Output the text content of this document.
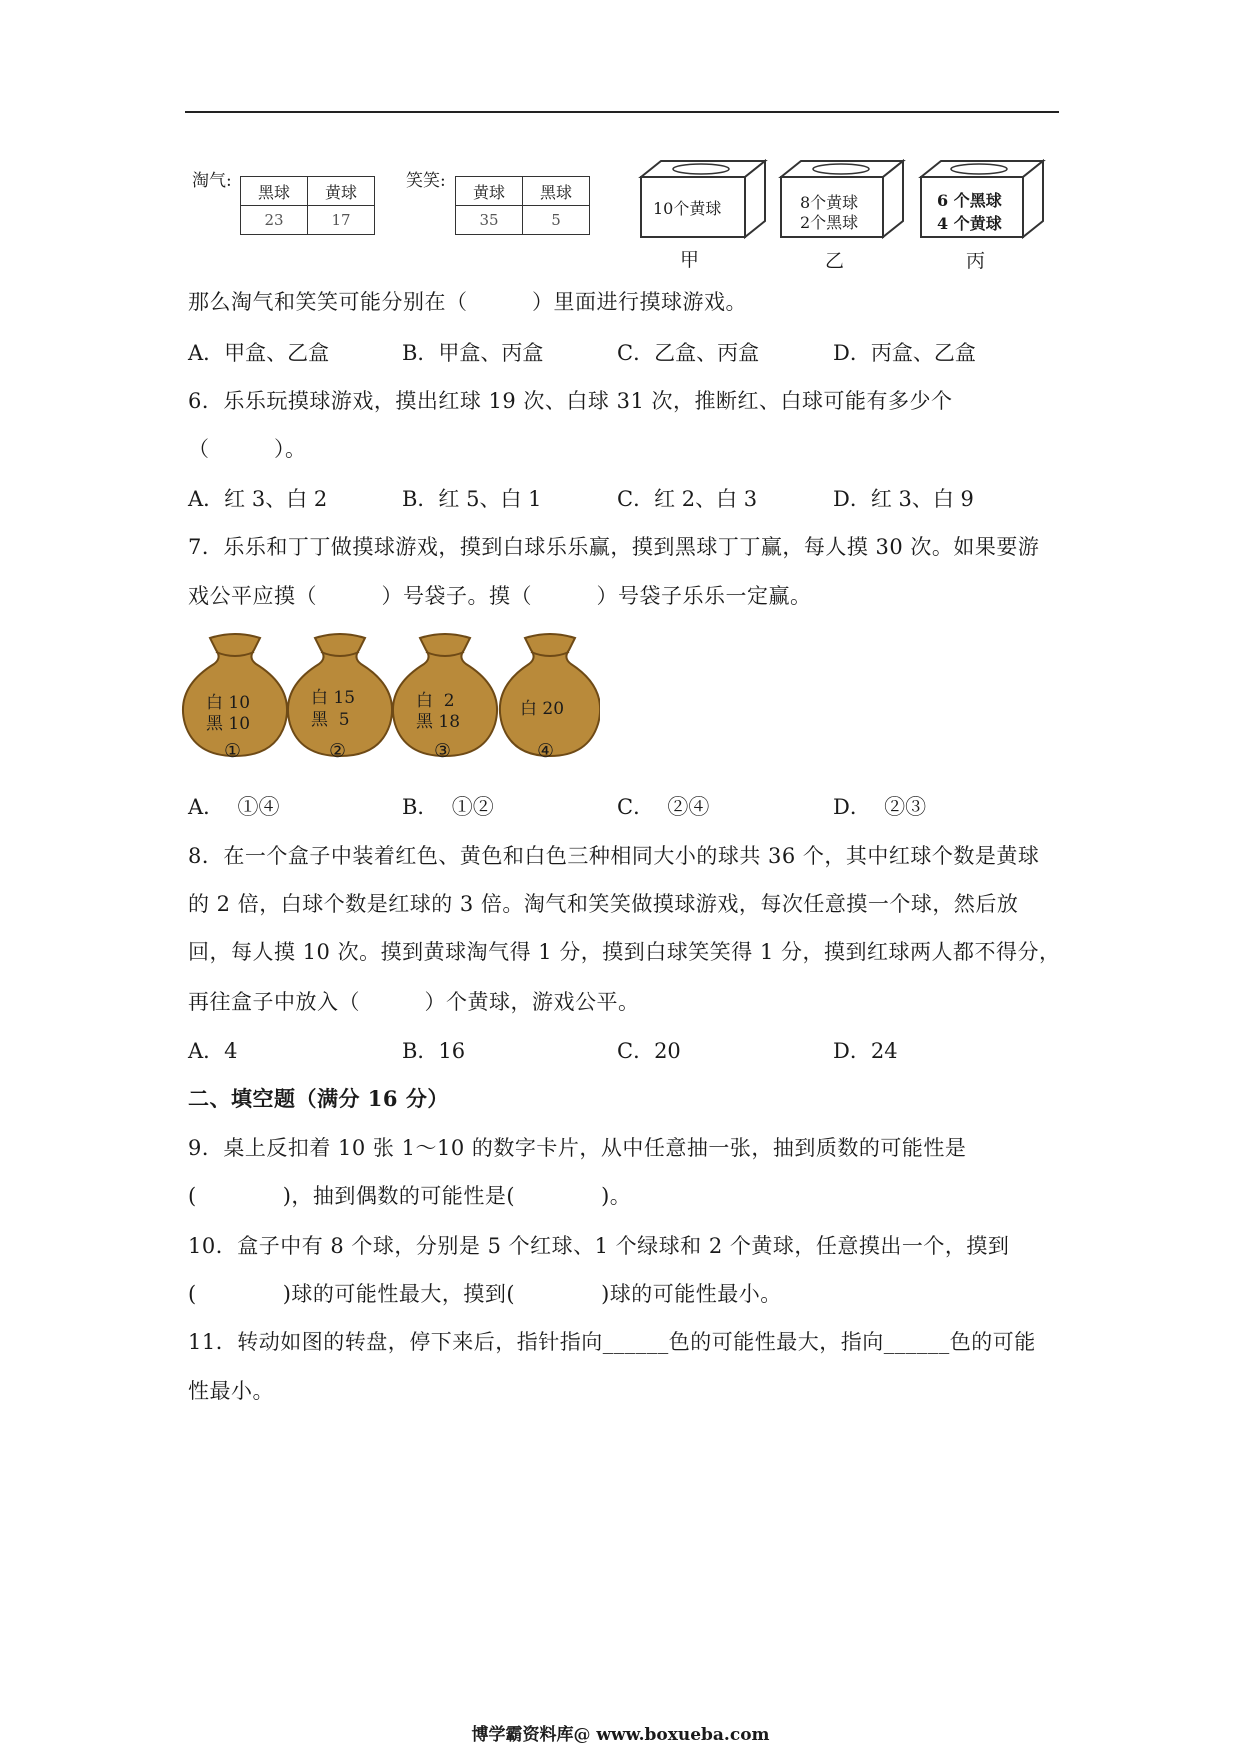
淘气:
黑球	黄球
23	17
笑笑:
黄球	黑球
35	5
10个黄球	8个黄球
2个黑球
6 个黑球
4 个黄球
甲	乙	丙
那么淘气和笑笑可能分别在（　　　）里面进行摸球游戏。
A．甲盒、乙盒	B．甲盒、丙盒	C．乙盒、丙盒	D．丙盒、乙盒
6．乐乐玩摸球游戏，摸出红球 19 次、白球 31 次，推断红、白球可能有多少个
（　　　）。
A．红 3、白 2	B．红 5、白 1	C．红 2、白 3	D．红 3、白 9
7．乐乐和丁丁做摸球游戏，摸到白球乐乐赢，摸到黑球丁丁赢，每人摸 30 次。如果要游
戏公平应摸（　　　）号袋子。摸（　　　）号袋子乐乐一定赢。
白 10
黑 10
白 15
黑  5
白  2
黑 18
白 20
①	②	③	④
A．  ①④	B．  ①②	C．  ②④	D．  ②③
8．在一个盒子中装着红色、黄色和白色三种相同大小的球共 36 个，其中红球个数是黄球
的 2 倍，白球个数是红球的 3 倍。淘气和笑笑做摸球游戏，每次任意摸一个球，然后放
回，每人摸 10 次。摸到黄球淘气得 1 分，摸到白球笑笑得 1 分，摸到红球两人都不得分，
再往盒子中放入（　　　）个黄球，游戏公平。
A．4	B．16	C．20	D．24
二、填空题（满分 16 分）
9．桌上反扣着 10 张 1～10 的数字卡片，从中任意抽一张，抽到质数的可能性是
(　　　　)，抽到偶数的可能性是(　　　　)。
10．盒子中有 8 个球，分别是 5 个红球、1 个绿球和 2 个黄球，任意摸出一个，摸到
(　　　　)球的可能性最大，摸到(　　　　)球的可能性最小。
11．转动如图的转盘，停下来后，指针指向______色的可能性最大，指向______色的可能
性最小。
博学霸资料库@ www.boxueba.com
